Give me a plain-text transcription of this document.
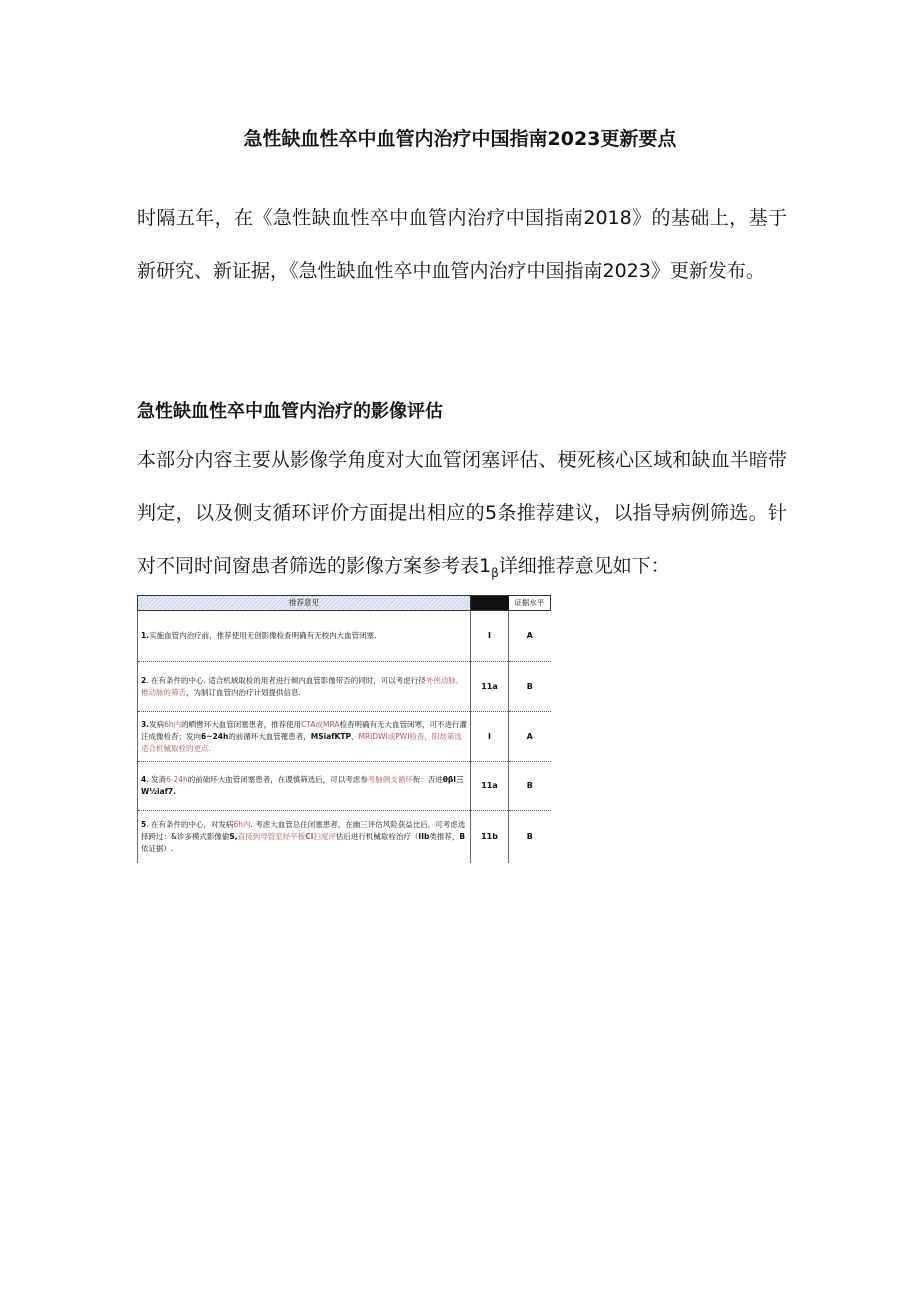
急性缺血性卒中血管内治疗中国指南2023更新要点

时隔五年，在《急性缺血性卒中血管内治疗中国指南2018》的基础上，基于新研究、新证据，《急性缺血性卒中血管内治疗中国指南2023》更新发布。

急性缺血性卒中血管内治疗的影像评估

本部分内容主要从影像学角度对大血管闭塞评估、梗死核心区域和缺血半暗带判定，以及侧支循环评价方面提出相应的5条推荐建议，以指导病例筛选。针对不同时间窗患者筛选的影像方案参考表$1_\beta$详细推荐意见如下：

推荐意见		证据水平
1.实施血管内治疗前，推荐使用无创影像检查明确有无校内大血管闭塞.	I	A
2. 在有条件的中心. 适合机域取检的用者进行倾内血管影像带否的同时，可以考虑行径外侠动脉，椎动脉的筛舌，为制订血管内治疗计划提供信息.	11a	B
3.发病6h内的晒辔环大血管闭塞患者，推荐使用CTA或MRA检杳明确有无大血管闭寒，可不进行灌汪成像检杳；发向6~24h的前循环大血管罹患者，MSiafKTP、MRIDWI或PWI检杳，阳劫第选适合机械取栓的更点.	I	A
4. 发斋6-24h的前础环大血管闭塞患者，在谡慎筛选后，可以考虑参考脑侧支循环衔：否进θβI三W½iaf7.	11a	B
5. 在有条件的中心，对发病6h内. 考虑大血管总住闭塞患者，在幽三评估风险获益比后，可考虑选择跨过：&诊多模式影像偷S,直接到导管室经平板CI扫度评估后进行机械取栓治疗（IIb类推荐，B依证据）.	11b	B
